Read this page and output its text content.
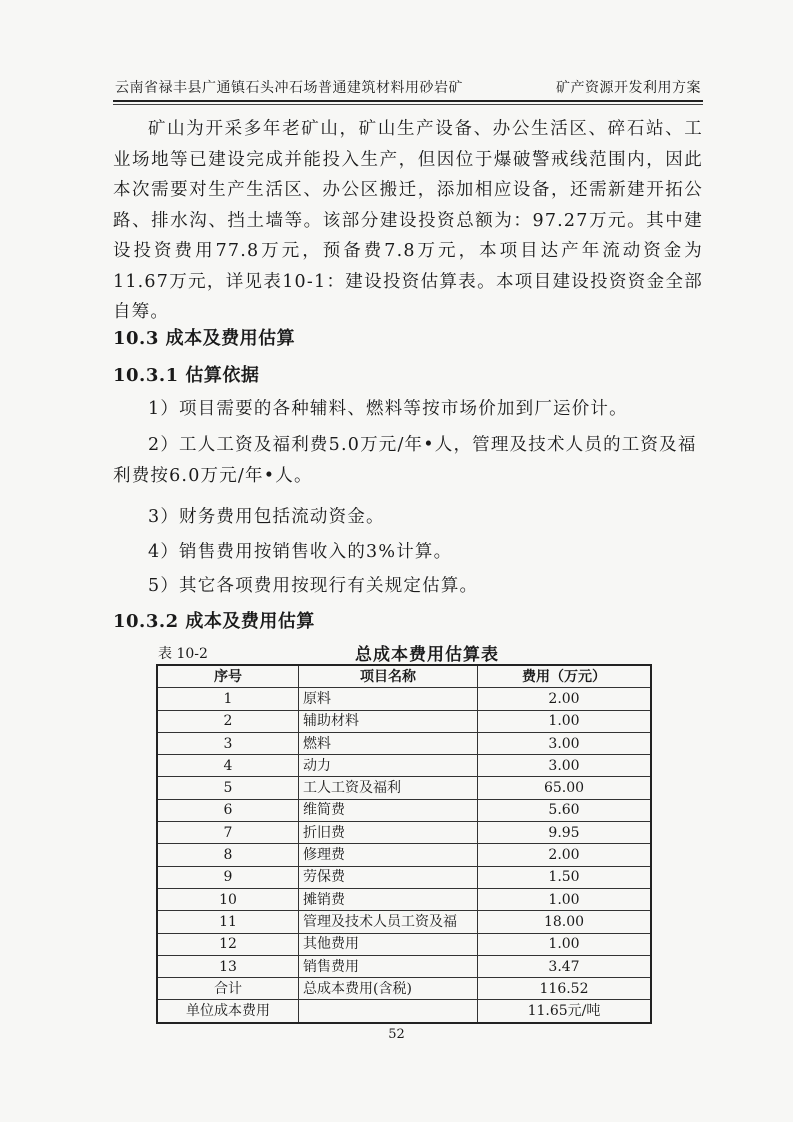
云南省禄丰县广通镇石头冲石场普通建筑材料用砂岩矿	矿产资源开发利用方案
矿山为开采多年老矿山，矿山生产设备、办公生活区、碎石站、工业场地等已建设完成并能投入生产，但因位于爆破警戒线范围内，因此本次需要对生产生活区、办公区搬迁，添加相应设备，还需新建开拓公路、排水沟、挡土墙等。该部分建设投资总额为：97.27万元。其中建设投资费用77.8万元，预备费7.8万元，本项目达产年流动资金为11.67万元，详见表10-1：建设投资估算表。本项目建设投资资金全部自筹。
10.3 成本及费用估算
10.3.1 估算依据
1）项目需要的各种辅料、燃料等按市场价加到厂运价计。
2）工人工资及福利费5.0万元/年•人，管理及技术人员的工资及福利费按6.0万元/年•人。
3）财务费用包括流动资金。
4）销售费用按销售收入的3%计算。
5）其它各项费用按现行有关规定估算。
10.3.2 成本及费用估算
表 10-2	总成本费用估算表
序号	项目名称	费用（万元）
1	原料	2.00
2	辅助材料	1.00
3	燃料	3.00
4	动力	3.00
5	工人工资及福利	65.00
6	维简费	5.60
7	折旧费	9.95
8	修理费	2.00
9	劳保费	1.50
10	摊销费	1.00
11	管理及技术人员工资及福	18.00
12	其他费用	1.00
13	销售费用	3.47
合计	总成本费用(含税)	116.52
单位成本费用		11.65元/吨
52
